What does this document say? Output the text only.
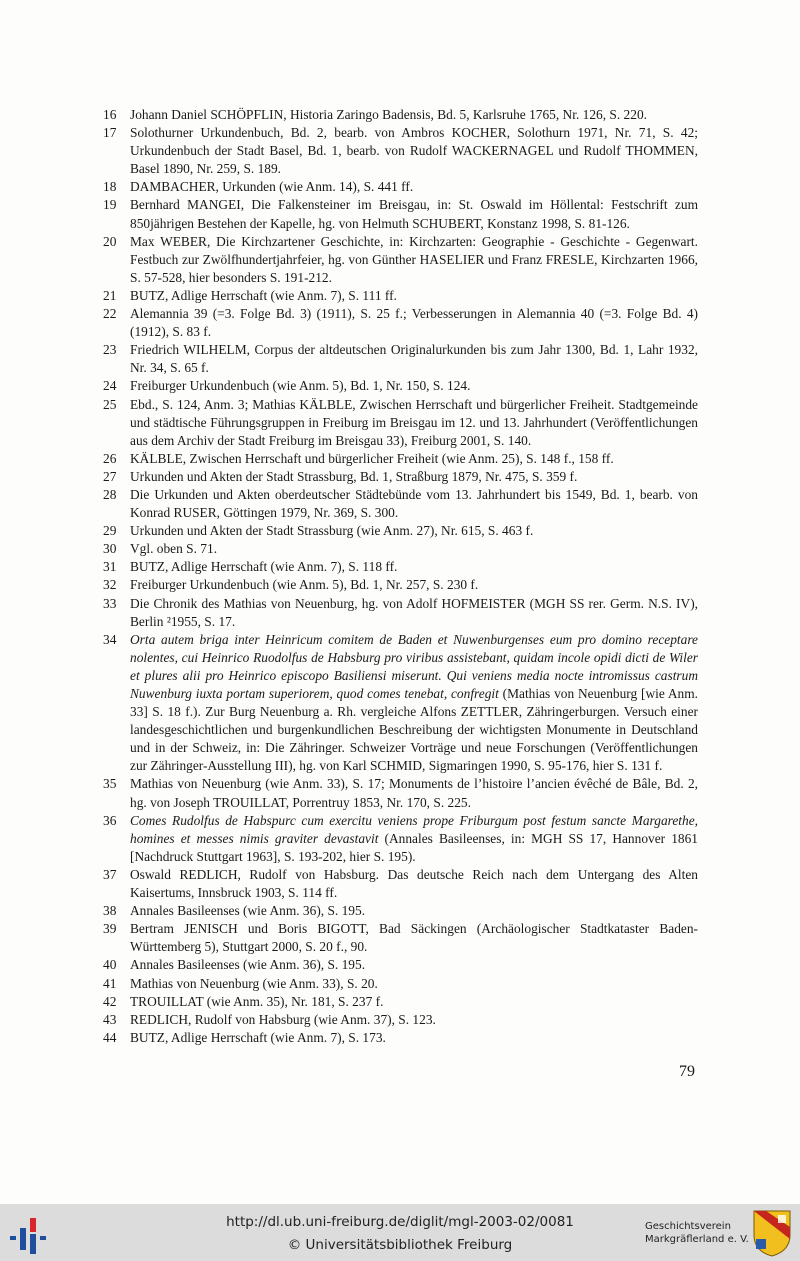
16 Johann Daniel SCHÖPFLIN, Historia Zaringo Badensis, Bd. 5, Karlsruhe 1765, Nr. 126, S. 220.
17 Solothurner Urkundenbuch, Bd. 2, bearb. von Ambros KOCHER, Solothurn 1971, Nr. 71, S. 42; Urkundenbuch der Stadt Basel, Bd. 1, bearb. von Rudolf WACKERNAGEL und Rudolf THOMMEN, Basel 1890, Nr. 259, S. 189.
18 DAMBACHER, Urkunden (wie Anm. 14), S. 441 ff.
19 Bernhard MANGEI, Die Falkensteiner im Breisgau, in: St. Oswald im Höllental: Festschrift zum 850jährigen Bestehen der Kapelle, hg. von Helmuth SCHUBERT, Konstanz 1998, S. 81-126.
20 Max WEBER, Die Kirchzartener Geschichte, in: Kirchzarten: Geographie - Geschichte - Gegenwart. Festbuch zur Zwölfhundertjahrfeier, hg. von Günther HASELIER und Franz FRESLE, Kirchzarten 1966, S. 57-528, hier besonders S. 191-212.
21 BUTZ, Adlige Herrschaft (wie Anm. 7), S. 111 ff.
22 Alemannia 39 (=3. Folge Bd. 3) (1911), S. 25 f.; Verbesserungen in Alemannia 40 (=3. Folge Bd. 4) (1912), S. 83 f.
23 Friedrich WILHELM, Corpus der altdeutschen Originalurkunden bis zum Jahr 1300, Bd. 1, Lahr 1932, Nr. 34, S. 65 f.
24 Freiburger Urkundenbuch (wie Anm. 5), Bd. 1, Nr. 150, S. 124.
25 Ebd., S. 124, Anm. 3; Mathias KÄLBLE, Zwischen Herrschaft und bürgerlicher Freiheit. Stadtgemeinde und städtische Führungsgruppen in Freiburg im Breisgau im 12. und 13. Jahrhundert (Veröffentlichungen aus dem Archiv der Stadt Freiburg im Breisgau 33), Freiburg 2001, S. 140.
26 KÄLBLE, Zwischen Herrschaft und bürgerlicher Freiheit (wie Anm. 25), S. 148 f., 158 ff.
27 Urkunden und Akten der Stadt Strassburg, Bd. 1, Straßburg 1879, Nr. 475, S. 359 f.
28 Die Urkunden und Akten oberdeutscher Städtebünde vom 13. Jahrhundert bis 1549, Bd. 1, bearb. von Konrad RUSER, Göttingen 1979, Nr. 369, S. 300.
29 Urkunden und Akten der Stadt Strassburg (wie Anm. 27), Nr. 615, S. 463 f.
30 Vgl. oben S. 71.
31 BUTZ, Adlige Herrschaft (wie Anm. 7), S. 118 ff.
32 Freiburger Urkundenbuch (wie Anm. 5), Bd. 1, Nr. 257, S. 230 f.
33 Die Chronik des Mathias von Neuenburg, hg. von Adolf HOFMEISTER (MGH SS rer. Germ. N.S. IV), Berlin ²1955, S. 17.
34 Orta autem briga inter Heinricum comitem de Baden et Nuwenburgenses eum pro domino receptare nolentes, cui Heinrico Ruodolfus de Habsburg pro viribus assistebant, quidam incole opidi dicti de Wiler et plures alii pro Heinrico episcopo Basiliensi miserunt. Qui veniens media nocte intromissus castrum Nuwenburg iuxta portam superiorem, quod comes tenebat, confregit (Mathias von Neuenburg [wie Anm. 33] S. 18 f.). Zur Burg Neuenburg a. Rh. vergleiche Alfons ZETTLER, Zähringerburgen. Versuch einer landesgeschichtlichen und burgenkundlichen Beschreibung der wichtigsten Monumente in Deutschland und in der Schweiz, in: Die Zähringer. Schweizer Vorträge und neue Forschungen (Veröffentlichungen zur Zähringer-Ausstellung III), hg. von Karl SCHMID, Sigmaringen 1990, S. 95-176, hier S. 131 f.
35 Mathias von Neuenburg (wie Anm. 33), S. 17; Monuments de l’histoire l’ancien évêché de Bâle, Bd. 2, hg. von Joseph TROUILLAT, Porrentruy 1853, Nr. 170, S. 225.
36 Comes Rudolfus de Habspurc cum exercitu veniens prope Friburgum post festum sancte Margarethe, homines et messes nimis graviter devastavit (Annales Basileenses, in: MGH SS 17, Hannover 1861 [Nachdruck Stuttgart 1963], S. 193-202, hier S. 195).
37 Oswald REDLICH, Rudolf von Habsburg. Das deutsche Reich nach dem Untergang des Alten Kaisertums, Innsbruck 1903, S. 114 ff.
38 Annales Basileenses (wie Anm. 36), S. 195.
39 Bertram JENISCH und Boris BIGOTT, Bad Säckingen (Archäologischer Stadtkataster Baden-Württemberg 5), Stuttgart 2000, S. 20 f., 90.
40 Annales Basileenses (wie Anm. 36), S. 195.
41 Mathias von Neuenburg (wie Anm. 33), S. 20.
42 TROUILLAT (wie Anm. 35), Nr. 181, S. 237 f.
43 REDLICH, Rudolf von Habsburg (wie Anm. 37), S. 123.
44 BUTZ, Adlige Herrschaft (wie Anm. 7), S. 173.
79
http://dl.ub.uni-freiburg.de/diglit/mgl-2003-02/0081
© Universitätsbibliothek Freiburg
Geschichtsverein
Markgräflerland e. V.
